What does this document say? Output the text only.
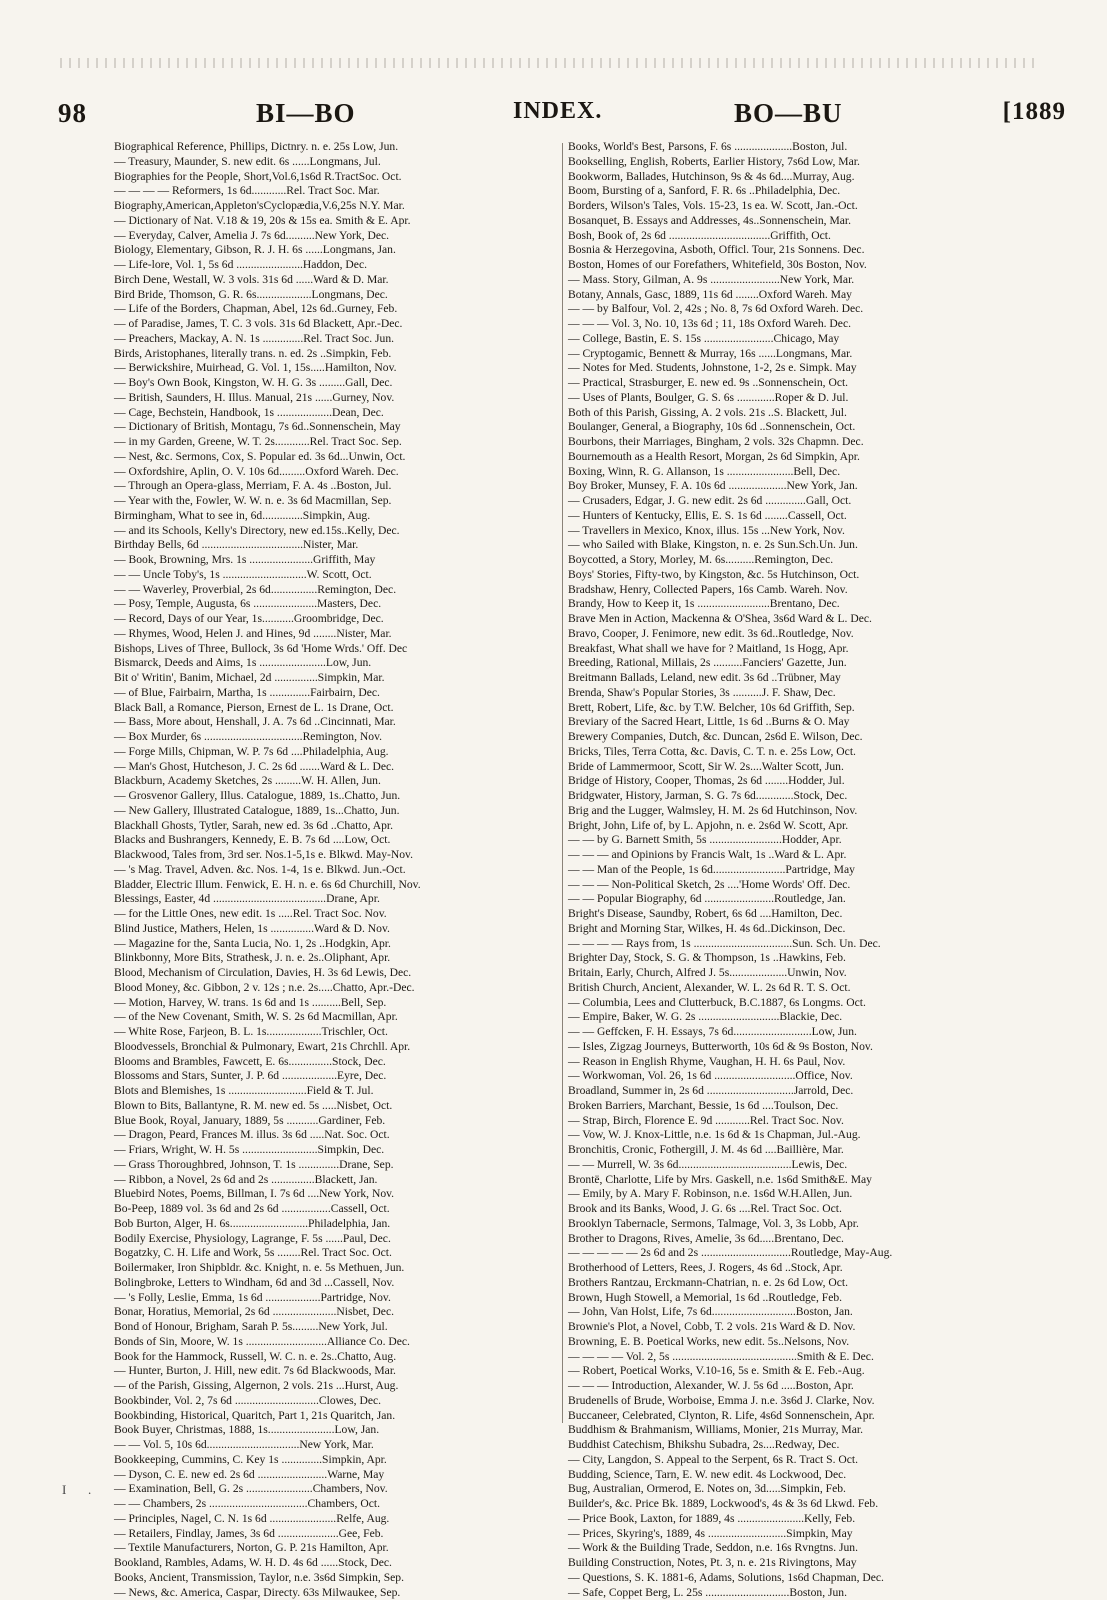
98	BI—BO	INDEX.	BO—BU	[1889
Biographical Reference, Phillips, Dictnry. n. e. 25s Low, Jun.
— Treasury, Maunder, S. new edit. 6s ......Longmans, Jul.
Biographies for the People, Short,Vol.6,1s6d R.TractSoc. Oct.
— — — — Reformers, 1s 6d............Rel. Tract Soc. Mar.
Biography,American,Appleton'sCyclopædia,V.6,25s N.Y. Mar.
— Dictionary of Nat. V.18 & 19, 20s & 15s ea. Smith & E. Apr.
— Everyday, Calver, Amelia J. 7s 6d..........New York, Dec.
Biology, Elementary, Gibson, R. J. H. 6s ......Longmans, Jan.
— Life-lore, Vol. 1, 5s 6d .......................Haddon, Dec.
Birch Dene, Westall, W. 3 vols. 31s 6d ......Ward & D. Mar.
Bird Bride, Thomson, G. R. 6s...................Longmans, Dec.
— Life of the Borders, Chapman, Abel, 12s 6d..Gurney, Feb.
— of Paradise, James, T. C. 3 vols. 31s 6d Blackett, Apr.-Dec.
— Preachers, Mackay, A. N. 1s ..............Rel. Tract Soc. Jun.
Birds, Aristophanes, literally trans. n. ed. 2s ..Simpkin, Feb.
— Berwickshire, Muirhead, G. Vol. 1, 15s.....Hamilton, Nov.
— Boy's Own Book, Kingston, W. H. G. 3s .........Gall, Dec.
— British, Saunders, H. Illus. Manual, 21s ......Gurney, Nov.
— Cage, Bechstein, Handbook, 1s ...................Dean, Dec.
— Dictionary of British, Montagu, 7s 6d..Sonnenschein, May
— in my Garden, Greene, W. T. 2s............Rel. Tract Soc. Sep.
— Nest, &c. Sermons, Cox, S. Popular ed. 3s 6d...Unwin, Oct.
— Oxfordshire, Aplin, O. V. 10s 6d.........Oxford Wareh. Dec.
— Through an Opera-glass, Merriam, F. A. 4s ..Boston, Jul.
— Year with the, Fowler, W. W. n. e. 3s 6d Macmillan, Sep.
Birmingham, What to see in, 6d..............Simpkin, Aug.
— and its Schools, Kelly's Directory, new ed.15s..Kelly, Dec.
Birthday Bells, 6d ...................................Nister, Mar.
— Book, Browning, Mrs. 1s ......................Griffith, May
— — Uncle Toby's, 1s .............................W. Scott, Oct.
— — Waverley, Proverbial, 2s 6d................Remington, Dec.
— Posy, Temple, Augusta, 6s ......................Masters, Dec.
— Record, Days of our Year, 1s...........Groombridge, Dec.
— Rhymes, Wood, Helen J. and Hines, 9d ........Nister, Mar.
Bishops, Lives of Three, Bullock, 3s 6d 'Home Wrds.' Off. Dec
Bismarck, Deeds and Aims, 1s .......................Low, Jun.
Bit o' Writin', Banim, Michael, 2d ...............Simpkin, Mar.
— of Blue, Fairbairn, Martha, 1s ..............Fairbairn, Dec.
Black Ball, a Romance, Pierson, Ernest de L. 1s Drane, Oct.
— Bass, More about, Henshall, J. A. 7s 6d ..Cincinnati, Mar.
— Box Murder, 6s ..................................Remington, Nov.
— Forge Mills, Chipman, W. P. 7s 6d ....Philadelphia, Aug.
— Man's Ghost, Hutcheson, J. C. 2s 6d .......Ward & L. Dec.
Blackburn, Academy Sketches, 2s .........W. H. Allen, Jun.
— Grosvenor Gallery, Illus. Catalogue, 1889, 1s..Chatto, Jun.
— New Gallery, Illustrated Catalogue, 1889, 1s...Chatto, Jun.
Blackhall Ghosts, Tytler, Sarah, new ed. 3s 6d ..Chatto, Apr.
Blacks and Bushrangers, Kennedy, E. B. 7s 6d ....Low, Oct.
Blackwood, Tales from, 3rd ser. Nos.1-5,1s e. Blkwd. May-Nov.
— 's Mag. Travel, Adven. &c. Nos. 1-4, 1s e. Blkwd. Jun.-Oct.
Bladder, Electric Illum. Fenwick, E. H. n. e. 6s 6d Churchill, Nov.
Blessings, Easter, 4d .......................................Drane, Apr.
— for the Little Ones, new edit. 1s .....Rel. Tract Soc. Nov.
Blind Justice, Mathers, Helen, 1s ...............Ward & D. Nov.
— Magazine for the, Santa Lucia, No. 1, 2s ..Hodgkin, Apr.
Blinkbonny, More Bits, Strathesk, J. n. e. 2s..Oliphant, Apr.
Blood, Mechanism of Circulation, Davies, H. 3s 6d Lewis, Dec.
Blood Money, &c. Gibbon, 2 v. 12s ; n.e. 2s.....Chatto, Apr.-Dec.
— Motion, Harvey, W. trans. 1s 6d and 1s ..........Bell, Sep.
— of the New Covenant, Smith, W. S. 2s 6d Macmillan, Apr.
— White Rose, Farjeon, B. L. 1s...................Trischler, Oct.
Bloodvessels, Bronchial & Pulmonary, Ewart, 21s Chrchll. Apr.
Blooms and Brambles, Fawcett, E. 6s...............Stock, Dec.
Blossoms and Stars, Sunter, J. P. 6d ...................Eyre, Dec.
Blots and Blemishes, 1s ...........................Field & T. Jul.
Blown to Bits, Ballantyne, R. M. new ed. 5s .....Nisbet, Oct.
Blue Book, Royal, January, 1889, 5s ...........Gardiner, Feb.
— Dragon, Peard, Frances M. illus. 3s 6d .....Nat. Soc. Oct.
— Friars, Wright, W. H. 5s ..........................Simpkin, Dec.
— Grass Thoroughbred, Johnson, T. 1s ..............Drane, Sep.
— Ribbon, a Novel, 2s 6d and 2s ...............Blackett, Jan.
Bluebird Notes, Poems, Billman, I. 7s 6d ....New York, Nov.
Bo-Peep, 1889 vol. 3s 6d and 2s 6d .................Cassell, Oct.
Bob Burton, Alger, H. 6s...........................Philadelphia, Jan.
Bodily Exercise, Physiology, Lagrange, F. 5s ......Paul, Dec.
Bogatzky, C. H. Life and Work, 5s ........Rel. Tract Soc. Oct.
Boilermaker, Iron Shipbldr. &c. Knight, n. e. 5s Methuen, Jun.
Bolingbroke, Letters to Windham, 6d and 3d ...Cassell, Nov.
— 's Folly, Leslie, Emma, 1s 6d ...................Partridge, Nov.
Bonar, Horatius, Memorial, 2s 6d ......................Nisbet, Dec.
Bond of Honour, Brigham, Sarah P. 5s.........New York, Jul.
Bonds of Sin, Moore, W. 1s ............................Alliance Co. Dec.
Book for the Hammock, Russell, W. C. n. e. 2s..Chatto, Aug.
— Hunter, Burton, J. Hill, new edit. 7s 6d Blackwoods, Mar.
— of the Parish, Gissing, Algernon, 2 vols. 21s ...Hurst, Aug.
Bookbinder, Vol. 2, 7s 6d .............................Clowes, Dec.
Bookbinding, Historical, Quaritch, Part 1, 21s Quaritch, Jan.
Book Buyer, Christmas, 1888, 1s.......................Low, Jan.
— — Vol. 5, 10s 6d................................New York, Mar.
Bookkeeping, Cummins, C. Key 1s ..............Simpkin, Apr.
— Dyson, C. E. new ed. 2s 6d ........................Warne, May
— Examination, Bell, G. 2s .......................Chambers, Nov.
— — Chambers, 2s ..................................Chambers, Oct.
— Principles, Nagel, C. N. 1s 6d .......................Relfe, Aug.
— Retailers, Findlay, James, 3s 6d .....................Gee, Feb.
— Textile Manufacturers, Norton, G. P. 21s Hamilton, Apr.
Bookland, Rambles, Adams, W. H. D. 4s 6d ......Stock, Dec.
Books, Ancient, Transmission, Taylor, n.e. 3s6d Simpkin, Sep.
— News, &c. America, Caspar, Directy. 63s Milwaukee, Sep.
Books, World's Best, Parsons, F. 6s ....................Boston, Jul.
Bookselling, English, Roberts, Earlier History, 7s6d Low, Mar.
Bookworm, Ballades, Hutchinson, 9s & 4s 6d....Murray, Aug.
Boom, Bursting of a, Sanford, F. R. 6s ..Philadelphia, Dec.
Borders, Wilson's Tales, Vols. 15-23, 1s ea. W. Scott, Jan.-Oct.
Bosanquet, B. Essays and Addresses, 4s..Sonnenschein, Mar.
Bosh, Book of, 2s 6d ...................................Griffith, Oct.
Bosnia & Herzegovina, Asboth, Officl. Tour, 21s Sonnens. Dec.
Boston, Homes of our Forefathers, Whitefield, 30s Boston, Nov.
— Mass. Story, Gilman, A. 9s ........................New York, Mar.
Botany, Annals, Gasc, 1889, 11s 6d ........Oxford Wareh. May
— — by Balfour, Vol. 2, 42s ; No. 8, 7s 6d Oxford Wareh. Dec.
— — — Vol. 3, No. 10, 13s 6d ; 11, 18s Oxford Wareh. Dec.
— College, Bastin, E. S. 15s ........................Chicago, May
— Cryptogamic, Bennett & Murray, 16s ......Longmans, Mar.
— Notes for Med. Students, Johnstone, 1-2, 2s e. Simpk. May
— Practical, Strasburger, E. new ed. 9s ..Sonnenschein, Oct.
— Uses of Plants, Boulger, G. S. 6s .............Roper & D. Jul.
Both of this Parish, Gissing, A. 2 vols. 21s ..S. Blackett, Jul.
Boulanger, General, a Biography, 10s 6d ..Sonnenschein, Oct.
Bourbons, their Marriages, Bingham, 2 vols. 32s Chapmn. Dec.
Bournemouth as a Health Resort, Morgan, 2s 6d Simpkin, Apr.
Boxing, Winn, R. G. Allanson, 1s .......................Bell, Dec.
Boy Broker, Munsey, F. A. 10s 6d ....................New York, Jan.
— Crusaders, Edgar, J. G. new edit. 2s 6d ..............Gall, Oct.
— Hunters of Kentucky, Ellis, E. S. 1s 6d ........Cassell, Oct.
— Travellers in Mexico, Knox, illus. 15s ...New York, Nov.
— who Sailed with Blake, Kingston, n. e. 2s Sun.Sch.Un. Jun.
Boycotted, a Story, Morley, M. 6s..........Remington, Dec.
Boys' Stories, Fifty-two, by Kingston, &c. 5s Hutchinson, Oct.
Bradshaw, Henry, Collected Papers, 16s Camb. Wareh. Nov.
Brandy, How to Keep it, 1s .........................Brentano, Dec.
Brave Men in Action, Mackenna & O'Shea, 3s6d Ward & L. Dec.
Bravo, Cooper, J. Fenimore, new edit. 3s 6d..Routledge, Nov.
Breakfast, What shall we have for ? Maitland, 1s Hogg, Apr.
Breeding, Rational, Millais, 2s ..........Fanciers' Gazette, Jun.
Breitmann Ballads, Leland, new edit. 3s 6d ..Trübner, May
Brenda, Shaw's Popular Stories, 3s ..........J. F. Shaw, Dec.
Brett, Robert, Life, &c. by T.W. Belcher, 10s 6d Griffith, Sep.
Breviary of the Sacred Heart, Little, 1s 6d ..Burns & O. May
Brewery Companies, Dutch, &c. Duncan, 2s6d E. Wilson, Dec.
Bricks, Tiles, Terra Cotta, &c. Davis, C. T. n. e. 25s Low, Oct.
Bride of Lammermoor, Scott, Sir W. 2s....Walter Scott, Jun.
Bridge of History, Cooper, Thomas, 2s 6d ........Hodder, Jul.
Bridgwater, History, Jarman, S. G. 7s 6d.............Stock, Dec.
Brig and the Lugger, Walmsley, H. M. 2s 6d Hutchinson, Nov.
Bright, John, Life of, by L. Apjohn, n. e. 2s6d W. Scott, Apr.
— — by G. Barnett Smith, 5s .........................Hodder, Apr.
— — — and Opinions by Francis Walt, 1s ..Ward & L. Apr.
— — Man of the People, 1s 6d.........................Partridge, May
— — — Non-Political Sketch, 2s ....'Home Words' Off. Dec.
— — Popular Biography, 6d ........................Routledge, Jan.
Bright's Disease, Saundby, Robert, 6s 6d ....Hamilton, Dec.
Bright and Morning Star, Wilkes, H. 4s 6d..Dickinson, Dec.
— — — — Rays from, 1s ..................................Sun. Sch. Un. Dec.
Brighter Day, Stock, S. G. & Thompson, 1s ..Hawkins, Feb.
Britain, Early, Church, Alfred J. 5s....................Unwin, Nov.
British Church, Ancient, Alexander, W. L. 2s 6d R. T. S. Oct.
— Columbia, Lees and Clutterbuck, B.C.1887, 6s Longms. Oct.
— Empire, Baker, W. G. 2s ............................Blackie, Dec.
— — Geffcken, F. H. Essays, 7s 6d...........................Low, Jun.
— Isles, Zigzag Journeys, Butterworth, 10s 6d & 9s Boston, Nov.
— Reason in English Rhyme, Vaughan, H. H. 6s Paul, Nov.
— Workwoman, Vol. 26, 1s 6d ............................Office, Nov.
Broadland, Summer in, 2s 6d ..............................Jarrold, Dec.
Broken Barriers, Marchant, Bessie, 1s 6d ....Toulson, Dec.
— Strap, Birch, Florence E. 9d ............Rel. Tract Soc. Nov.
— Vow, W. J. Knox-Little, n.e. 1s 6d & 1s Chapman, Jul.-Aug.
Bronchitis, Cronic, Fothergill, J. M. 4s 6d ....Baillière, Mar.
— — Murrell, W. 3s 6d.......................................Lewis, Dec.
Brontë, Charlotte, Life by Mrs. Gaskell, n.e. 1s6d Smith&E. May
— Emily, by A. Mary F. Robinson, n.e. 1s6d W.H.Allen, Jun.
Brook and its Banks, Wood, J. G. 6s ....Rel. Tract Soc. Oct.
Brooklyn Tabernacle, Sermons, Talmage, Vol. 3, 3s Lobb, Apr.
Brother to Dragons, Rives, Amelie, 3s 6d.....Brentano, Dec.
— — — — — 2s 6d and 2s ...............................Routledge, May-Aug.
Brotherhood of Letters, Rees, J. Rogers, 4s 6d ..Stock, Apr.
Brothers Rantzau, Erckmann-Chatrian, n. e. 2s 6d Low, Oct.
Brown, Hugh Stowell, a Memorial, 1s 6d ..Routledge, Feb.
— John, Van Holst, Life, 7s 6d.............................Boston, Jan.
Brownie's Plot, a Novel, Cobb, T. 2 vols. 21s Ward & D. Nov.
Browning, E. B. Poetical Works, new edit. 5s..Nelsons, Nov.
— — — — Vol. 2, 5s ...........................................Smith & E. Dec.
— Robert, Poetical Works, V.10-16, 5s e. Smith & E. Feb.-Aug.
— — — Introduction, Alexander, W. J. 5s 6d .....Boston, Apr.
Brudenells of Brude, Worboise, Emma J. n.e. 3s6d J. Clarke, Nov.
Buccaneer, Celebrated, Clynton, R. Life, 4s6d Sonnenschein, Apr.
Buddhism & Brahmanism, Williams, Monier, 21s Murray, Mar.
Buddhist Catechism, Bhikshu Subadra, 2s....Redway, Dec.
— City, Langdon, S. Appeal to the Serpent, 6s R. Tract S. Oct.
Budding, Science, Tarn, E. W. new edit. 4s Lockwood, Dec.
Bug, Australian, Ormerod, E. Notes on, 3d.....Simpkin, Feb.
Builder's, &c. Price Bk. 1889, Lockwood's, 4s & 3s 6d Lkwd. Feb.
— Price Book, Laxton, for 1889, 4s .......................Kelly, Feb.
— Prices, Skyring's, 1889, 4s ...........................Simpkin, May
— Work & the Building Trade, Seddon, n.e. 16s Rvngtns. Jun.
Building Construction, Notes, Pt. 3, n. e. 21s Rivingtons, May
— Questions, S. K. 1881-6, Adams, Solutions, 1s6d Chapman, Dec.
— Safe, Coppet Berg, L. 25s .............................Boston, Jun.
I .
